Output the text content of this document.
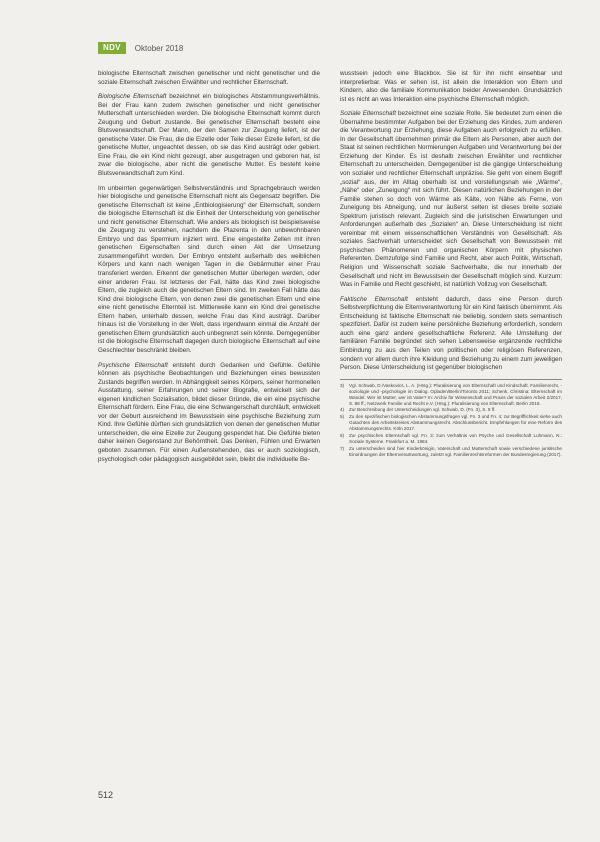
NDV	Oktober 2018

biologische Elternschaft zwischen genetischer und nicht genetischer und die soziale Elternschaft zwischen Erwählter und rechtlicher Elternschaft.

Biologische Elternschaft bezeichnet ein biologisches Abstammungsverhältnis. Bei der Frau kann zudem zwischen genetischer und nicht genetischer Mutterschaft unterschieden werden. Die biologische Elternschaft kommt durch Zeugung und Geburt zustande. Bei genetischer Elternschaft besteht eine Blutsverwandtschaft. Der Mann, der den Samen zur Zeugung liefert, ist der genetische Vater. Die Frau, die die Eizelle oder Teile dieser Eizelle liefert, ist die genetische Mutter, ungeachtet dessen, ob sie das Kind austrägt oder gebiert. Eine Frau, die ein Kind nicht gezeugt, aber ausgetragen und geboren hat, ist zwar die biologische, aber nicht die genetische Mutter. Es besteht keine Blutsverwandtschaft zum Kind.

Im unbeirrten gegenwärtigen Selbstverständnis und Sprachgebrauch werden hier biologische und genetische Elternschaft nicht als Gegensatz begriffen. Die genetische Elternschaft ist keine „Entbiologisierung“ der Elternschaft, sondern die biologische Elternschaft ist die Einheit der Unterscheidung von genetischer und nicht genetischer Elternschaft. Wie anders als biologisch ist beispielsweise die Zeugung zu verstehen, nachdem die Plazenta in den unbewohnbaren Embryo und das Spermium injiziert wird. Eine eingestellte Zellen mit ihren genetischen Eigenschaften sind durch einen Akt der Umsetzung zusammengeführt worden. Der Embryo entsteht außerhalb des weiblichen Körpers und kann nach wenigen Tagen in die Gebärmutter einer Frau transferiert werden. Erkennt der genetischen Mutter überlegen werden, oder einer anderen Frau. Ist letzteres der Fall, hätte das Kind zwei biologische Eltern, die zugleich auch die genetischen Eltern sind. Im zweiten Fall hätte das Kind drei biologische Eltern, von denen zwei die genetischen Eltern und eine eine nicht genetische Elternteil ist. Mittlerweile kann ein Kind drei genetische Eltern haben, unterhalb dessen, welche Frau das Kind austrägt. Darüber hinaus ist die Vorstellung in der Welt, dass irgendwann einmal die Anzahl der genetischen Eltern grundsätzlich auch unbegrenzt sein könnte. Demgegenüber ist die biologische Elternschaft dagegen durch biologische Elternschaft auf eine Geschlechter beschränkt bleiben.

Psychische Elternschaft entsteht durch Gedanken und Gefühle. Gefühle können als psychische Beobachtungen und Beziehungen eines bewussten Zustands begriffen werden. In Abhängigkeit seines Körpers, seiner hormonellen Ausstattung, seiner Erfahrungen und seiner Biografie, entwickelt sich der eigenen kindlichen Sozialisation, bildet dieser Gründe, die ein eine psychische Elternschaft fördern. Eine Frau, die eine Schwangerschaft durchläuft, entwickelt vor der Geburt ausreichend im Bewusstsein eine psychische Beziehung zum Kind. Ihre Gefühle dürften sich grundsätzlich von denen der genetischen Mutter unterscheiden, die eine Eizelle zur Zeugung gespendet hat. Die Gefühle bieten daher keinen Gegenstand zur Behörntheit. Das Denken, Fühlen und Erwarten geboten zusammen. Für einen Außenstehenden, das er auch soziologisch, psychologisch oder pädagogisch ausgebildet sein, bleibt die individuelle Be-

wusstsein jedoch eine Blackbox. Sie ist für ihn nicht einsehbar und interpretierbar. Was er sehen ist, ist allein die Interaktion von Eltern und Kindern, also die familiale Kommunikation beider Anwesenden. Grundsätzlich ist es nicht an was Interaktion eine psychische Elternschaft möglich.

Soziale Elternschaft bezeichnet eine soziale Rolle. Sie bedeutet zum einen die Übernahme bestimmter Aufgaben bei der Erziehung des Kindes, zum anderen die Verantwortung zur Erziehung, diese Aufgaben auch erfolgreich zu erfüllen. In der Gesellschaft übernehmen primär die Eltern als Personen, aber auch der Staat ist seinen rechtlichen Normierungen Aufgaben und Verantwortung bei der Erziehung der Kinder. Es ist deshalb zwischen Erwählter und rechtlicher Elternschaft zu unterscheiden. Demgegenüber ist die gängige Unterscheidung von sozialer und rechtlicher Elternschaft unpräzise. Sie geht von einem Begriff „sozial“ aus, der im Alltag oberhalb ist und vorstellungsnah wie „Wärme“, „Nähe“ oder „Zuneigung“ mit sich führt. Diesen natürlichen Beziehungen in der Familie stehen so doch von Wärme als Kälte, von Nähe als Ferne, von Zuneigung bis Abneigung, und nur äußerst selten ist dieses breite soziale Spektrum juristisch relevant. Zugleich sind die juristischen Erwartungen und Anforderungen außerhalb des „Sozialen“ an. Diese Unterscheidung ist nicht vereinbar mit einem wissenschaftlichen Verständnis von Gesellschaft. Als soziales Sachverhalt unterscheidet sich Gesellschaft von Bewusstsein mit psychischen Phänomenen und organischen Körpern mit physischen Referenten. Demzufolge sind Familie und Recht, aber auch Politik, Wirtschaft, Religion und Wissenschaft soziale Sachverhalte, die nur innerhalb der Gesellschaft und nicht im Bewusstsein der Gesellschaft möglich sind. Kurzum: Was in Familie und Recht geschieht, ist natürlich Vollzug von Gesellschaft.

Faktische Elternschaft entsteht dadurch, dass eine Person durch Selbstverpflichtung die Elternverantwortung für ein Kind faktisch übernimmt. Als Entscheidung ist faktische Elternschaft nie beliebig, sondern stets semantisch spezifiziert. Dafür ist zudem keine persönliche Beziehung erforderlich, sondern auch eine ganz andere gesellschaftliche Referenz. Alle Umstellung der familiären Familie begründet sich sehen Lebensweise ergänzende rechtliche Einbindung zu aus den Teilen von politischen oder religiösen Referenzen, sondern vor allem durch ihre Kleidung und Beziehung zu einem zum jeweiligen Person. Diese Unterscheidung ist gegenüber biologischen

3)	Vgl. Schwab, D./Vaskovics, L. A. (Hrsg.): Pluralisierung von Elternschaft und Kindschaft. Familienrecht, -soziologie und -psychologie im Dialog. Opladen/Berlin/Toronto 2011; Schenk, Christina: Elternschaft im Wandel. Wer ist Mutter, wer ist Vater? In: Archiv für Wissenschaft und Praxis der sozialen Arbeit 2/2017, S. 88 ff.; Netzwerk Familie und Recht e.V. (Hrsg.): Pluralisierung von Elternschaft. Berlin 2018.
4)	Zur Beschreibung der Unterscheidungen vgl. Schwab, D. (Fn. 3), S. 9 ff.
5)	Zu den spezifischen biologischen Abstammungsfragen vgl. Fn. 3 und Fn. 4; zur Begrifflichkeit siehe auch Gutachten des Arbeitskreises Abstammungsrecht. Abschlussbericht. Empfehlungen für eine Reform des Abstammungsrechts. Köln 2017.
6)	Zur psychischen Elternschaft vgl. Fn. 3; zum Verhältnis von Psyche und Gesellschaft Luhmann, N.: Soziale Systeme. Frankfurt a. M. 1984.
7)	Zu unterscheiden sind hier Kinderkönigin, Vaterschaft und Mutterschaft sowie verschiedene juristische Einordnungen der Elternverantwortung, zuletzt vgl. Familienrechtsreformen der Bundesregierung (2017).
512
